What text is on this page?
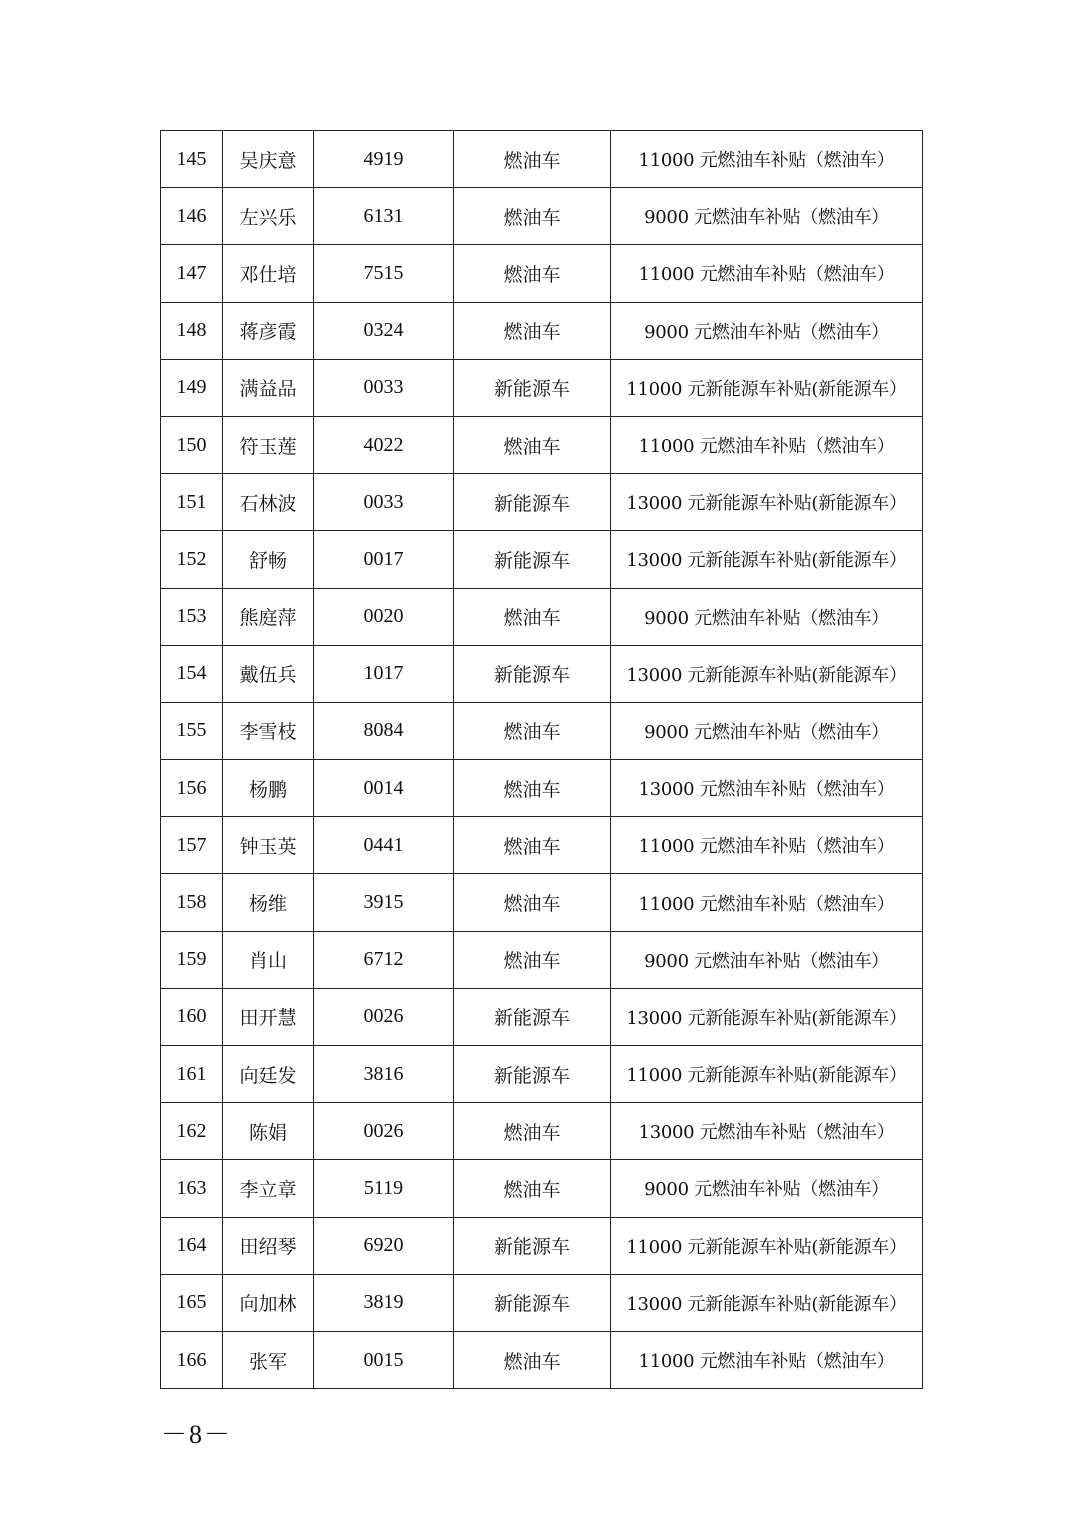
145	吴庆意	4919	燃油车	11000 元燃油车补贴（燃油车）
146	左兴乐	6131	燃油车	9000 元燃油车补贴（燃油车）
147	邓仕培	7515	燃油车	11000 元燃油车补贴（燃油车）
148	蒋彦霞	0324	燃油车	9000 元燃油车补贴（燃油车）
149	满益品	0033	新能源车	11000 元新能源车补贴(新能源车）
150	符玉莲	4022	燃油车	11000 元燃油车补贴（燃油车）
151	石林波	0033	新能源车	13000 元新能源车补贴(新能源车）
152	舒畅	0017	新能源车	13000 元新能源车补贴(新能源车）
153	熊庭萍	0020	燃油车	9000 元燃油车补贴（燃油车）
154	戴伍兵	1017	新能源车	13000 元新能源车补贴(新能源车）
155	李雪枝	8084	燃油车	9000 元燃油车补贴（燃油车）
156	杨鹏	0014	燃油车	13000 元燃油车补贴（燃油车）
157	钟玉英	0441	燃油车	11000 元燃油车补贴（燃油车）
158	杨维	3915	燃油车	11000 元燃油车补贴（燃油车）
159	肖山	6712	燃油车	9000 元燃油车补贴（燃油车）
160	田开慧	0026	新能源车	13000 元新能源车补贴(新能源车）
161	向廷发	3816	新能源车	11000 元新能源车补贴(新能源车）
162	陈娟	0026	燃油车	13000 元燃油车补贴（燃油车）
163	李立章	5119	燃油车	9000 元燃油车补贴（燃油车）
164	田绍琴	6920	新能源车	11000 元新能源车补贴(新能源车）
165	向加林	3819	新能源车	13000 元新能源车补贴(新能源车）
166	张军	0015	燃油车	11000 元燃油车补贴（燃油车）
－8－
